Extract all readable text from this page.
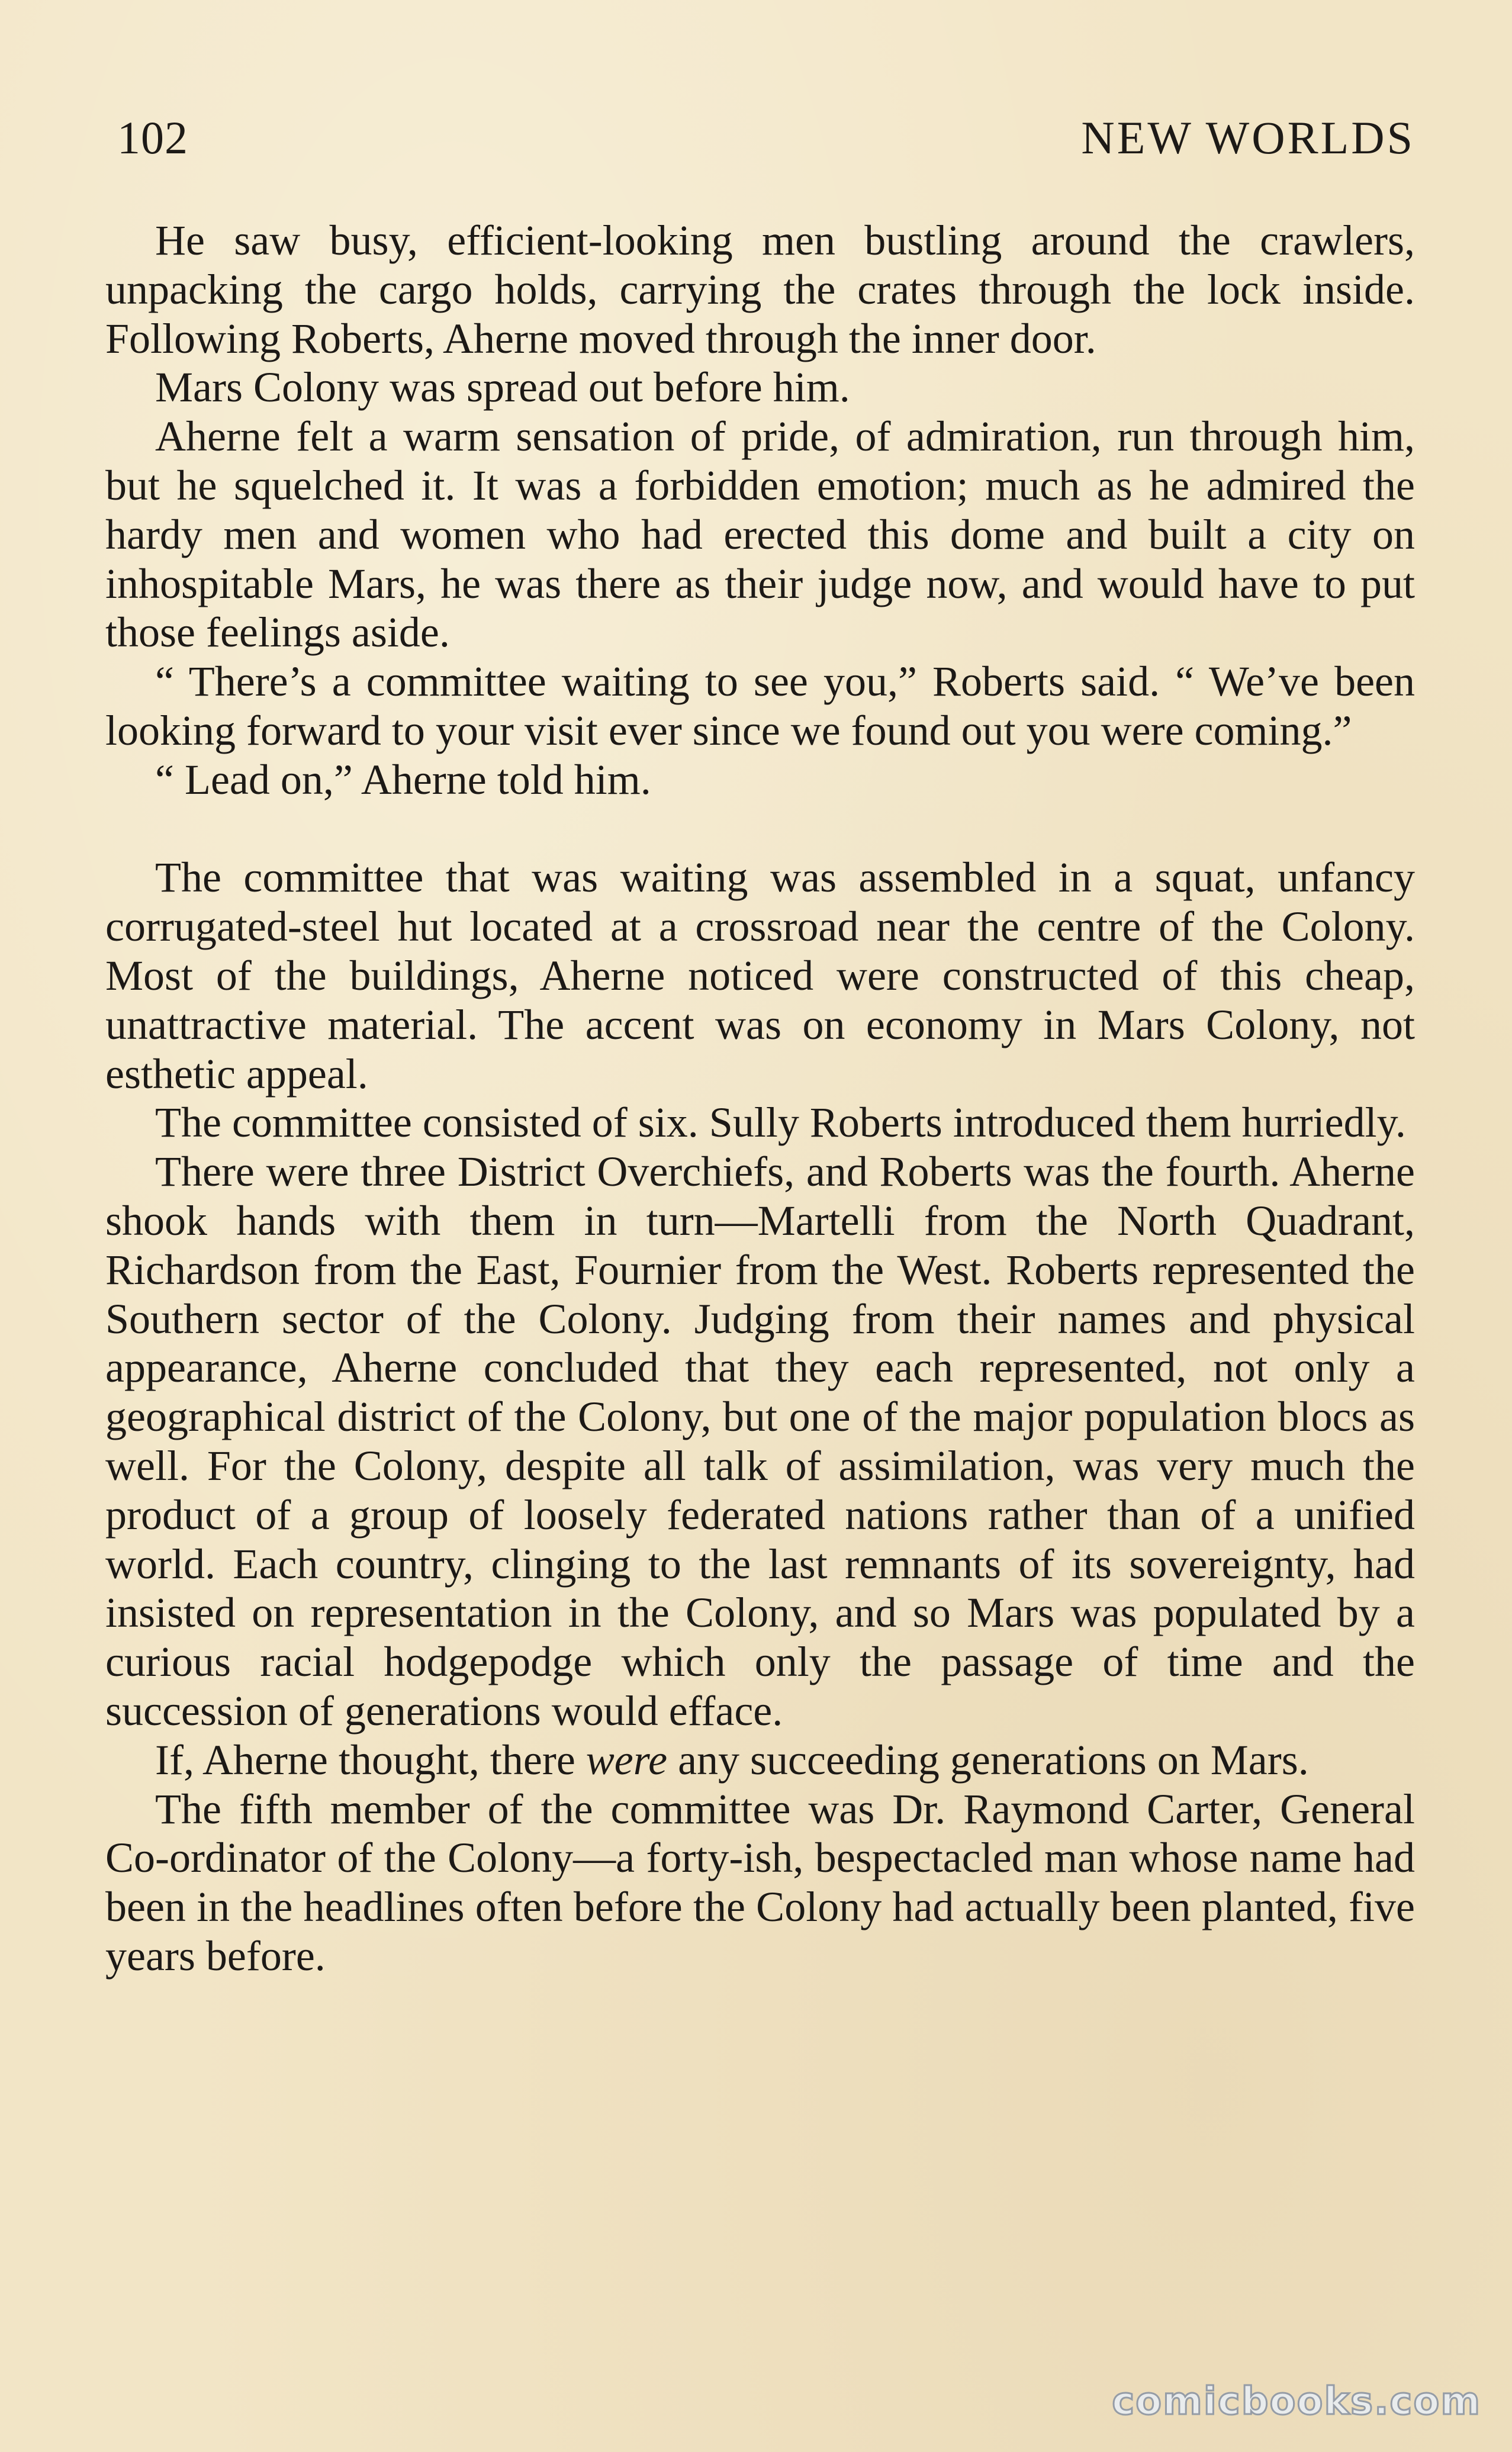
102	NEW WORLDS

He saw busy, efficient-looking men bustling around the crawlers, unpacking the cargo holds, carrying the crates through the lock inside. Following Roberts, Aherne moved through the inner door.

Mars Colony was spread out before him.

Aherne felt a warm sensation of pride, of admiration, run through him, but he squelched it. It was a forbidden emotion; much as he admired the hardy men and women who had erected this dome and built a city on inhospitable Mars, he was there as their judge now, and would have to put those feelings aside.

“ There’s a committee waiting to see you,” Roberts said. “ We’ve been looking forward to your visit ever since we found out you were coming.”

“ Lead on,” Aherne told him.

The committee that was waiting was assembled in a squat, unfancy corrugated-steel hut located at a crossroad near the centre of the Colony. Most of the buildings, Aherne noticed were constructed of this cheap, unattractive material. The accent was on economy in Mars Colony, not esthetic appeal.

The committee consisted of six. Sully Roberts introduced them hurriedly.

There were three District Overchiefs, and Roberts was the fourth. Aherne shook hands with them in turn—Martelli from the North Quadrant, Richardson from the East, Fournier from the West. Roberts represented the Southern sector of the Colony. Judging from their names and physical appearance, Aherne concluded that they each represented, not only a geographical district of the Colony, but one of the major population blocs as well. For the Colony, despite all talk of assimilation, was very much the product of a group of loosely federated nations rather than of a unified world. Each country, clinging to the last remnants of its sovereignty, had insisted on representation in the Colony, and so Mars was populated by a curious racial hodgepodge which only the passage of time and the succession of generations would efface.

If, Aherne thought, there were any succeeding generations on Mars.

The fifth member of the committee was Dr. Raymond Carter, General Co-ordinator of the Colony—a forty-ish, bespectacled man whose name had been in the headlines often before the Colony had actually been planted, five years before.

comicbooks.com
